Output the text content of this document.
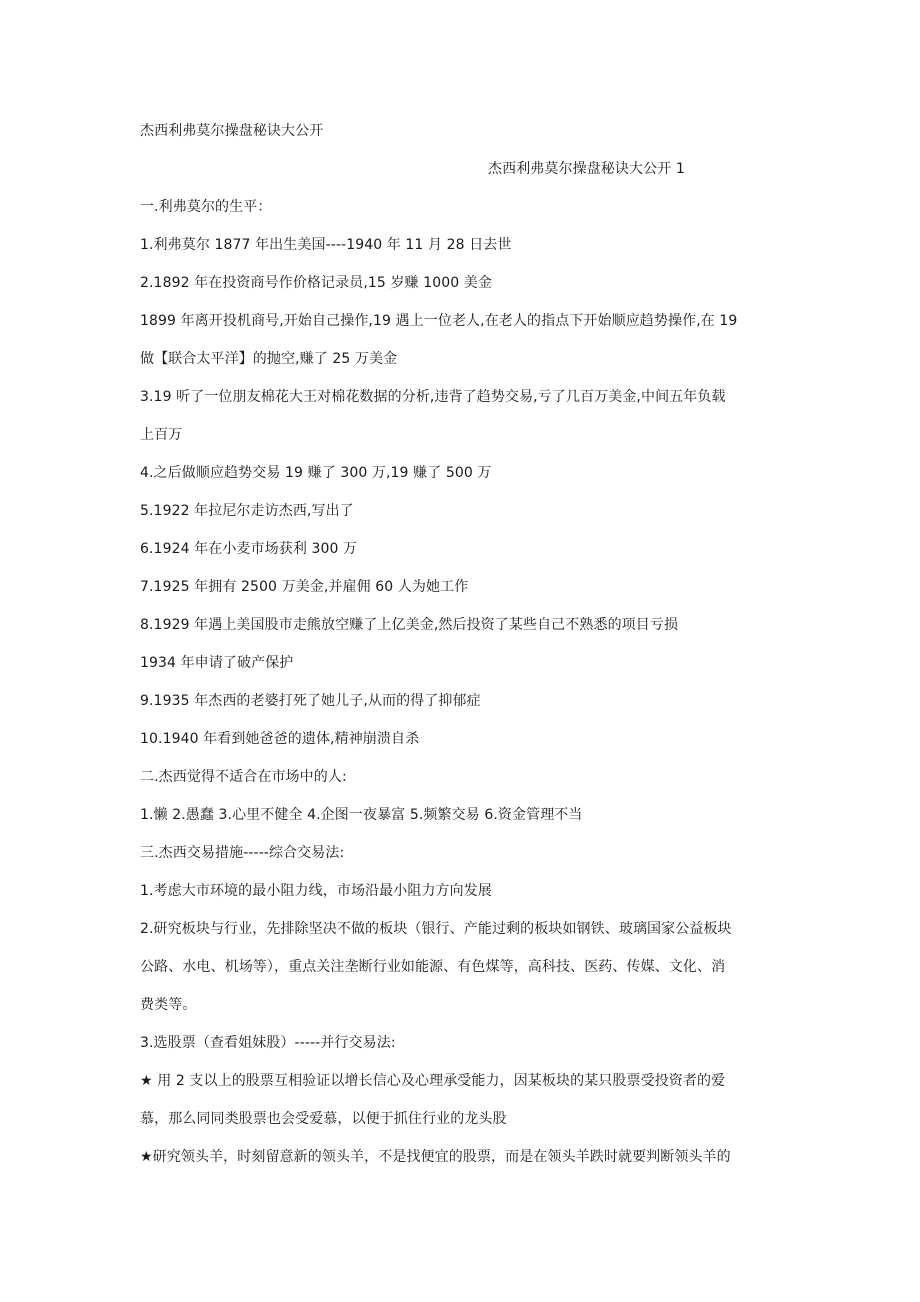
杰西利弗莫尔操盘秘诀大公开
杰西利弗莫尔操盘秘诀大公开 1
一.利弗莫尔的生平：
1.利弗莫尔 1877 年出生美国----1940 年 11 月 28 日去世
2.1892 年在投资商号作价格记录员,15 岁赚 1000 美金
1899 年离开投机商号,开始自己操作,19 遇上一位老人,在老人的指点下开始顺应趋势操作,在 19
做【联合太平洋】的抛空,赚了 25 万美金
3.19 听了一位朋友棉花大王对棉花数据的分析,违背了趋势交易,亏了几百万美金,中间五年负载
上百万
4.之后做顺应趋势交易 19 赚了 300 万,19 赚了 500 万
5.1922 年拉尼尔走访杰西,写出了
6.1924 年在小麦市场获利 300 万
7.1925 年拥有 2500 万美金,并雇佣 60 人为她工作
8.1929 年遇上美国股市走熊放空赚了上亿美金,然后投资了某些自己不熟悉的项目亏损
1934 年申请了破产保护
9.1935 年杰西的老婆打死了她儿子,从而的得了抑郁症
10.1940 年看到她爸爸的遗体,精神崩溃自杀
二.杰西觉得不适合在市场中的人:
1.懒 2.愚蠢 3.心里不健全 4.企图一夜暴富 5.频繁交易 6.资金管理不当
三.杰西交易措施-----综合交易法:
1.考虑大市环境的最小阻力线，市场沿最小阻力方向发展
2.研究板块与行业，先排除坚决不做的板块（银行、产能过剩的板块如钢铁、玻璃国家公益板块
公路、水电、机场等），重点关注垄断行业如能源、有色煤等，高科技、医药、传媒、文化、消
费类等。
3.选股票（查看姐妹股）-----并行交易法:
★ 用 2 支以上的股票互相验证以增长信心及心理承受能力，因某板块的某只股票受投资者的爱
慕，那么同同类股票也会受爱慕，以便于抓住行业的龙头股
★研究领头羊，时刻留意新的领头羊，不是找便宜的股票，而是在领头羊跌时就要判断领头羊的
